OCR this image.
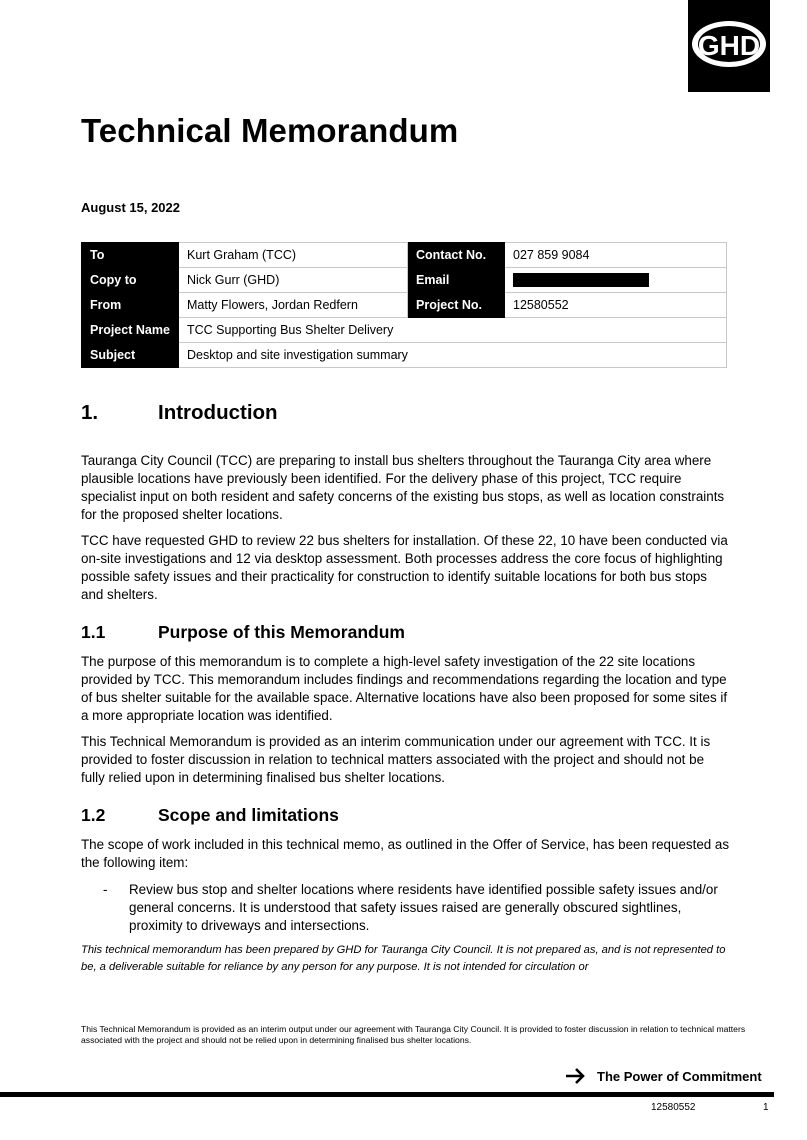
GHD
Technical Memorandum
August 15, 2022
To	Kurt Graham (TCC)	Contact No.	027 859 9084
Copy to	Nick Gurr (GHD)	Email	
From	Matty Flowers, Jordan Redfern	Project No.	12580552
Project Name	TCC Supporting Bus Shelter Delivery		
Subject	Desktop and site investigation summary		
1.	Introduction

Tauranga City Council (TCC) are preparing to install bus shelters throughout the Tauranga City area where plausible locations have previously been identified. For the delivery phase of this project, TCC require specialist input on both resident and safety concerns of the existing bus stops, as well as location constraints for the proposed shelter locations.

TCC have requested GHD to review 22 bus shelters for installation. Of these 22, 10 have been conducted via on-site investigations and 12 via desktop assessment. Both processes address the core focus of highlighting possible safety issues and their practicality for construction to identify suitable locations for both bus stops and shelters.

1.1	Purpose of this Memorandum

The purpose of this memorandum is to complete a high-level safety investigation of the 22 site locations provided by TCC. This memorandum includes findings and recommendations regarding the location and type of bus shelter suitable for the available space. Alternative locations have also been proposed for some sites if a more appropriate location was identified.

This Technical Memorandum is provided as an interim communication under our agreement with TCC. It is provided to foster discussion in relation to technical matters associated with the project and should not be fully relied upon in determining finalised bus shelter locations.

1.2	Scope and limitations

The scope of work included in this technical memo, as outlined in the Offer of Service, has been requested as the following item:

- Review bus stop and shelter locations where residents have identified possible safety issues and/or general concerns. It is understood that safety issues raised are generally obscured sightlines, proximity to driveways and intersections.

This technical memorandum has been prepared by GHD for Tauranga City Council. It is not prepared as, and is not represented to be, a deliverable suitable for reliance by any person for any purpose. It is not intended for circulation or

This Technical Memorandum is provided as an interim output under our agreement with Tauranga City Council. It is provided to foster discussion in relation to technical matters associated with the project and should not be relied upon in determining finalised bus shelter locations.

The Power of Commitment
12580552	1
